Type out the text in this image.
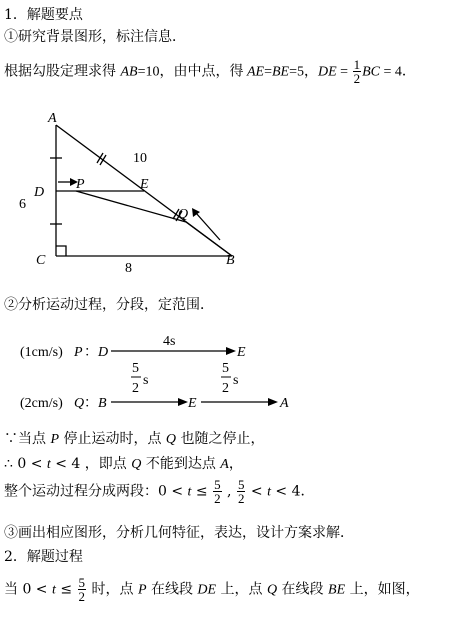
1．解题要点
①研究背景图形，标注信息．
根据勾股定理求得 AB=10，由中点，得 AE=BE=5，DE = $\frac{1}{2}$ BC = 4．
A
D
C	B
P	E
Q
10
6
8
(1cm/s) P ： D
4s
E
(2cm/s) Q ： B	E	A
5
2
s
5
2
s
②分析运动过程，分段，定范围．
∵当点 P 停止运动时，点 Q 也随之停止，
∴ 0 < t < 4 ，即点 Q 不能到达点 A，
整个运动过程分成两段：$0 < t \le \frac{5}{2}$ , $\frac{5}{2} < t < 4$．
③画出相应图形，分析几何特征，表达，设计方案求解．
2．解题过程
当 $0 < t \le \frac{5}{2}$ 时，点 P 在线段 DE 上，点 Q 在线段 BE 上，如图，
